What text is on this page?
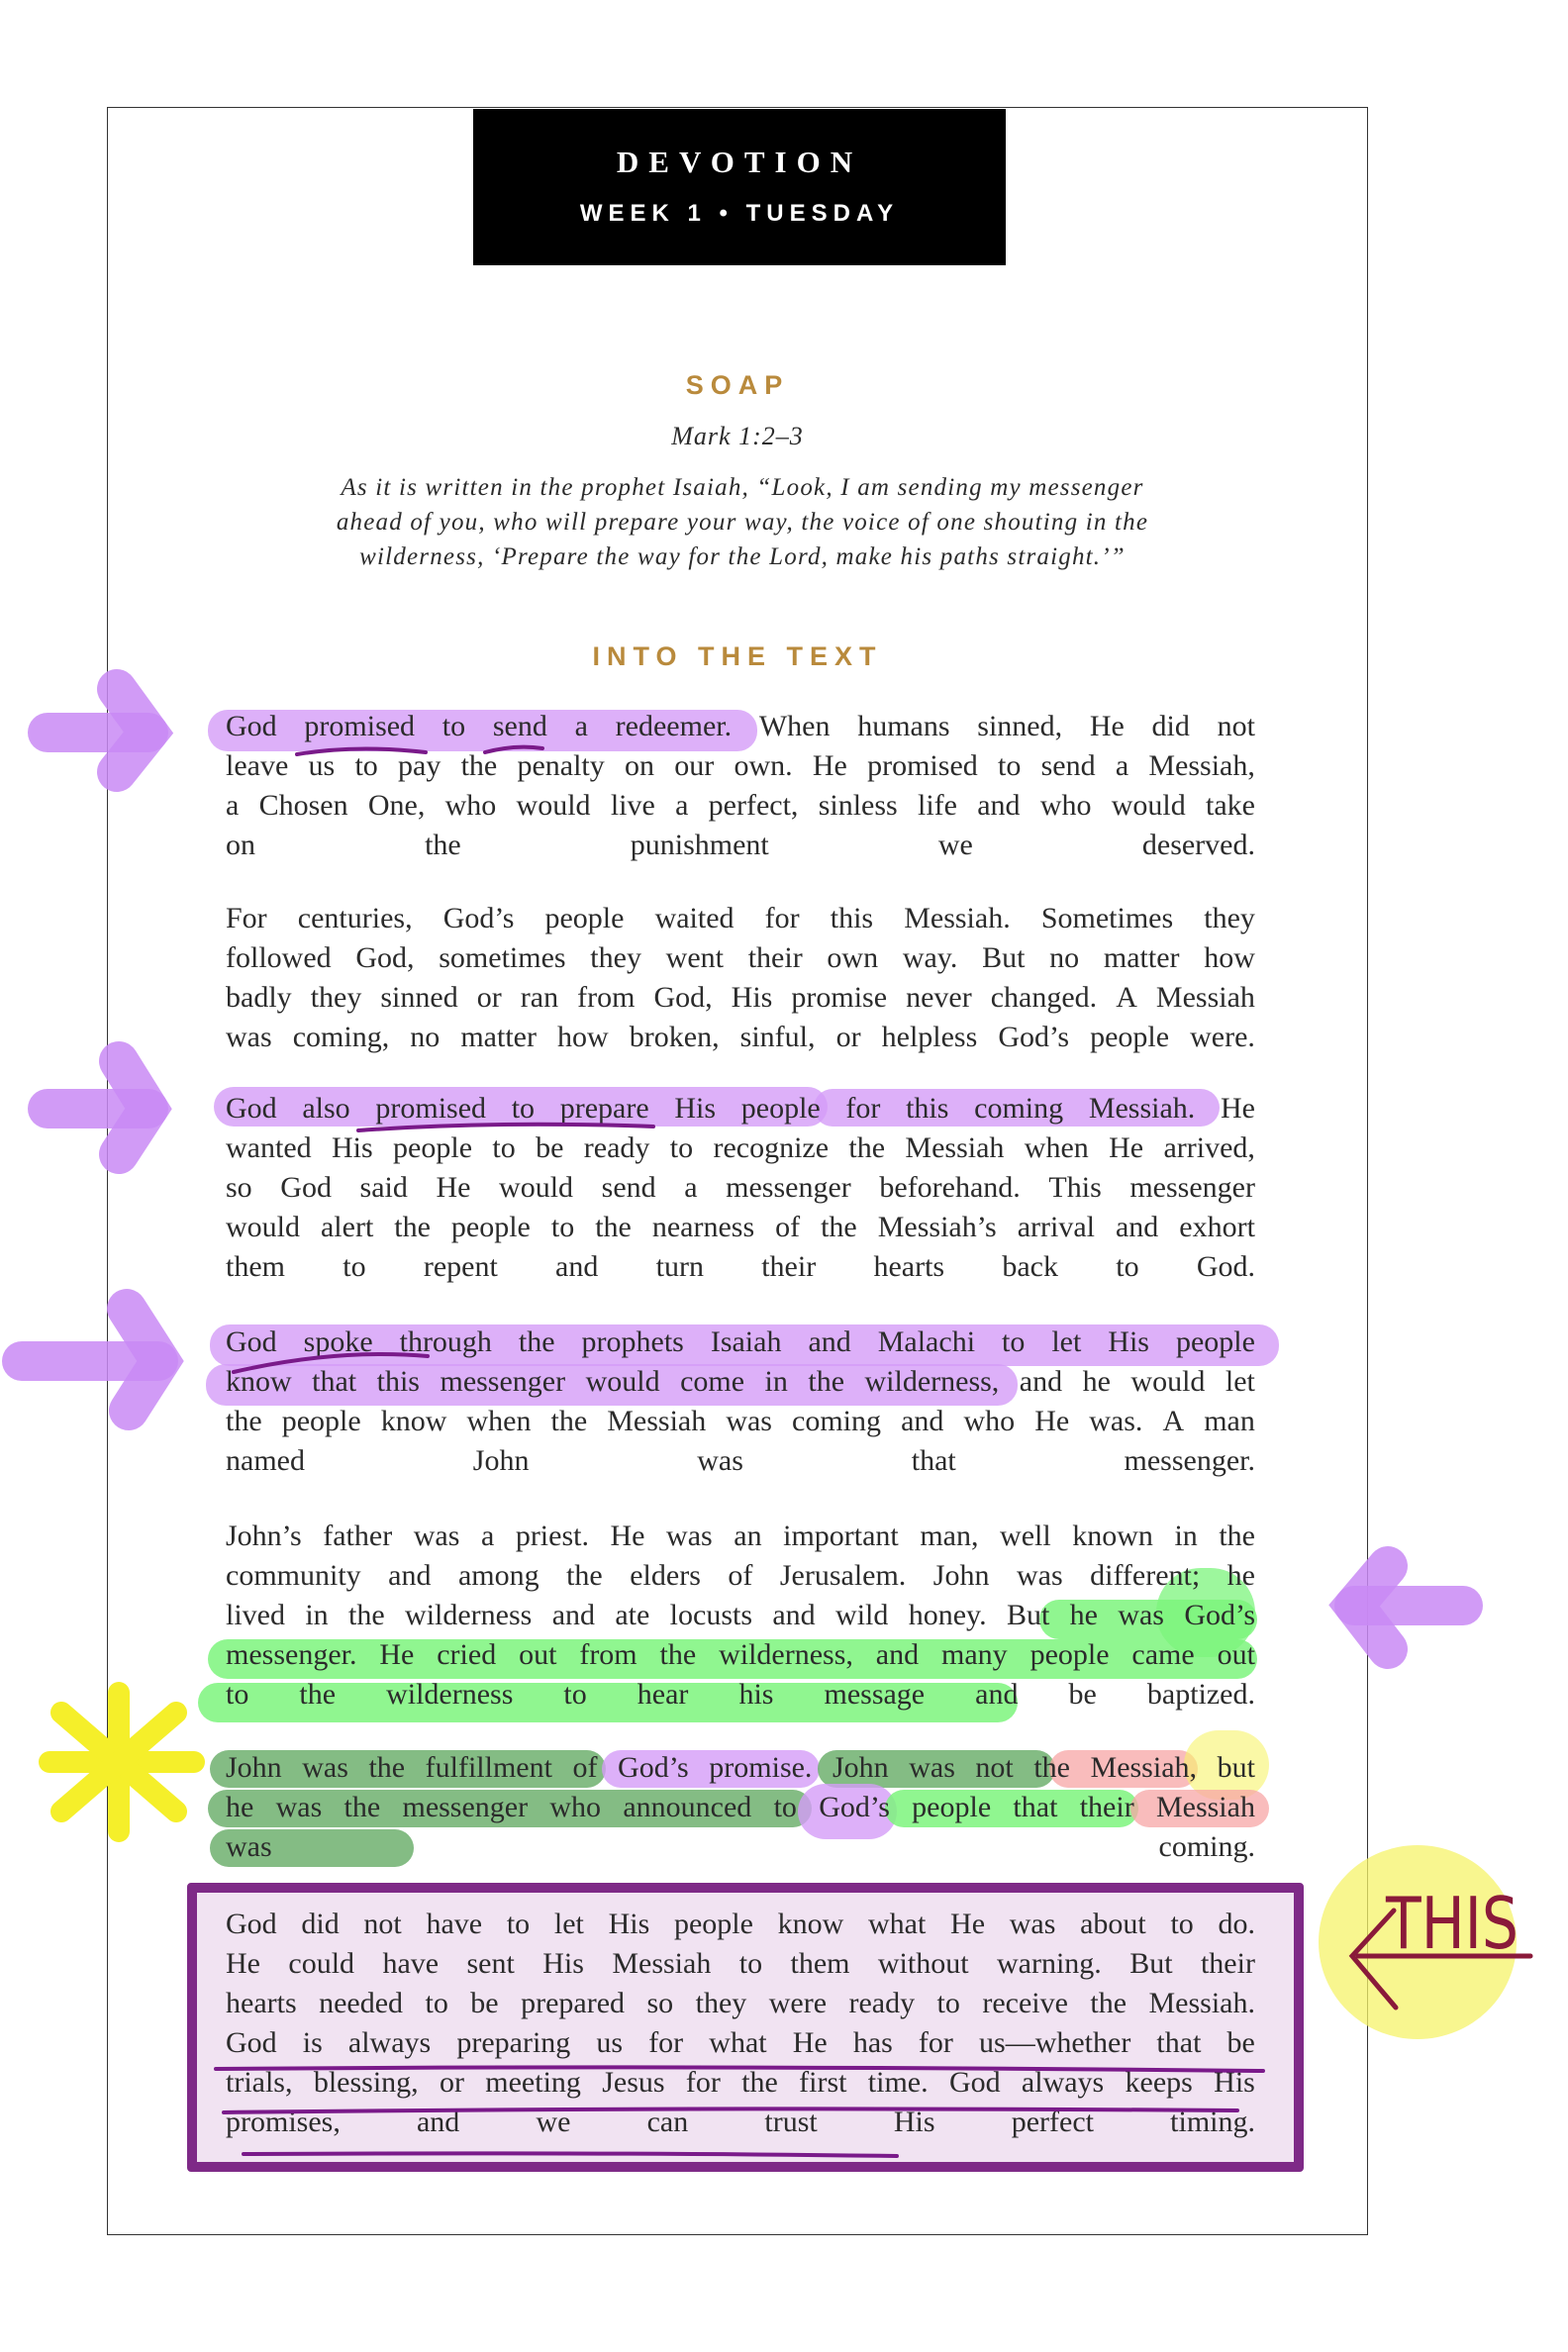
DEVOTION
WEEK 1 • TUESDAY
SOAP
Mark 1:2–3
As it is written in the prophet Isaiah, “Look, I am sending my messenger
ahead of you, who will prepare your way, the voice of one shouting in the
wilderness, ‘Prepare the way for the Lord, make his paths straight.’”
INTO THE TEXT
God promised to send a redeemer. When humans sinned, He did not
leave us to pay the penalty on our own. He promised to send a Messiah,
a Chosen One, who would live a perfect, sinless life and who would take
on the punishment we deserved.
For centuries, God’s people waited for this Messiah. Sometimes they
followed God, sometimes they went their own way. But no matter how
badly they sinned or ran from God, His promise never changed. A Messiah
was coming, no matter how broken, sinful, or helpless God’s people were.
God also promised to prepare His people for this coming Messiah. He
wanted His people to be ready to recognize the Messiah when He arrived,
so God said He would send a messenger beforehand. This messenger
would alert the people to the nearness of the Messiah’s arrival and exhort
them to repent and turn their hearts back to God.
God spoke through the prophets Isaiah and Malachi to let His people
know that this messenger would come in the wilderness, and he would let
the people know when the Messiah was coming and who He was. A man
named John was that messenger.
John’s father was a priest. He was an important man, well known in the
community and among the elders of Jerusalem. John was different; he
lived in the wilderness and ate locusts and wild honey. But he was God’s
messenger. He cried out from the wilderness, and many people came out
to the wilderness to hear his message and be baptized.
John was the fulfillment of God’s promise. John was not the Messiah, but
he was the messenger who announced to God’s people that their Messiah
was coming.
God did not have to let His people know what He was about to do.
He could have sent His Messiah to them without warning. But their
hearts needed to be prepared so they were ready to receive the Messiah.
God is always preparing us for what He has for us—whether that be
trials, blessing, or meeting Jesus for the first time. God always keeps His
promises, and we can trust His perfect timing.
THIS
